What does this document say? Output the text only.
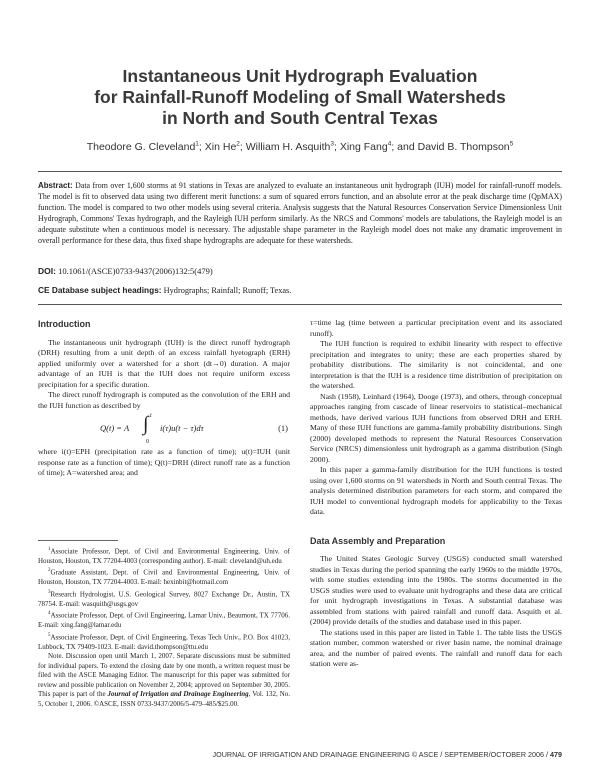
Instantaneous Unit Hydrograph Evaluation
for Rainfall-Runoff Modeling of Small Watersheds
in North and South Central Texas
Theodore G. Cleveland$^1$; Xin He$^2$; William H. Asquith$^3$; Xing Fang$^4$; and David B. Thompson$^5$

Abstract: Data from over 1,600 storms at 91 stations in Texas are analyzed to evaluate an instantaneous unit hydrograph (IUH) model for rainfall-runoff models. The model is fit to observed data using two different merit functions: a sum of squared errors function, and an absolute error at the peak discharge time (QpMAX) function. The model is compared to two other models using several criteria. Analysis suggests that the Natural Resources Conservation Service Dimensionless Unit Hydrograph, Commons' Texas hydrograph, and the Rayleigh IUH perform similarly. As the NRCS and Commons' models are tabulations, the Rayleigh model is an adequate substitute when a continuous model is necessary. The adjustable shape parameter in the Rayleigh model does not make any dramatic improvement in overall performance for these data, thus fixed shape hydrographs are adequate for these watersheds.

DOI: 10.1061/(ASCE)0733-9437(2006)132:5(479)

CE Database subject headings: Hydrographs; Rainfall; Runoff; Texas.

Introduction

The instantaneous unit hydrograph (IUH) is the direct runoff hydrograph (DRH) resulting from a unit depth of an excess rainfall hyetograph (ERH) applied uniformly over a watershed for a short (dt→0) duration. A major advantage of an IUH is that the IUH does not require uniform excess precipitation for a specific duration.

The direct runoff hydrograph is computed as the convolution of the ERH and the IUH function as described by

Q(t) = A ∫ t
0
i(τ)u(t − τ)dτ	(1)

where i(t)=EPH (precipitation rate as a function of time); u(t)=IUH (unit response rate as a function of time); Q(t)=DRH (direct runoff rate as a function of time); A=watershed area; and

$^1$Associate Professor, Dept. of Civil and Environmental Engineering, Univ. of Houston, Houston, TX 77204-4003 (corresponding author). E-mail: cleveland@uh.edu

$^2$Graduate Assistant, Dept. of Civil and Environmental Engineering, Univ. of Houston, Houston, TX 77204-4003. E-mail: hexinbit@hotmail.com

$^3$Research Hydrologist, U.S. Geological Survey, 8027 Exchange Dr., Austin, TX 78754. E-mail: wasquith@usgs.gov

$^4$Associate Professor, Dept. of Civil Engineering, Lamar Univ., Beaumont, TX 77706. E-mail: xing.fang@lamar.edu

$^5$Associate Professor, Dept. of Civil Engineering, Texas Tech Univ., P.O. Box 41023, Lubbock, TX 79409-1023. E-mail: david.thompson@ttu.edu

Note. Discussion open until March 1, 2007. Separate discussions must be submitted for individual papers. To extend the closing date by one month, a written request must be filed with the ASCE Managing Editor. The manuscript for this paper was submitted for review and possible publication on November 2, 2004; approved on September 30, 2005. This paper is part of the Journal of Irrigation and Drainage Engineering, Vol. 132, No. 5, October 1, 2006. ©ASCE, ISSN 0733-9437/2006/5-479–485/$25.00.

τ=time lag (time between a particular precipitation event and its associated runoff).

The IUH function is required to exhibit linearity with respect to effective precipitation and integrates to unity; these are each properties shared by probability distributions. The similarity is not coincidental, and one interpretation is that the IUH is a residence time distribution of precipitation on the watershed.

Nash (1958), Leinhard (1964), Dooge (1973), and others, through conceptual approaches ranging from cascade of linear reservoirs to statistical–mechanical methods, have derived various IUH functions from observed DRH and ERH. Many of these IUH functions are gamma-family probability distributions. Singh (2000) developed methods to represent the Natural Resources Conservation Service (NRCS) dimensionless unit hydrograph as a gamma distribution (Singh 2000).

In this paper a gamma-family distribution for the IUH functions is tested using over 1,600 storms on 91 watersheds in North and South central Texas. The analysis determined distribution parameters for each storm, and compared the IUH model to conventional hydrograph models for applicability to the Texas data.

Data Assembly and Preparation

The United States Geologic Survey (USGS) conducted small watershed studies in Texas during the period spanning the early 1960s to the middle 1970s, with some studies extending into the 1980s. The storms documented in the USGS studies were used to evaluate unit hydrographs and these data are critical for unit hydrograph investigations in Texas. A substantial database was assembled from stations with paired rainfall and runoff data. Asquith et al. (2004) provide details of the studies and database used in this paper.

The stations used in this paper are listed in Table 1. The table lists the USGS station number, common watershed or river basin name, the nominal drainage area, and the number of paired events. The rainfall and runoff data for each station were as-

JOURNAL OF IRRIGATION AND DRAINAGE ENGINEERING © ASCE / SEPTEMBER/OCTOBER 2006 / 479
